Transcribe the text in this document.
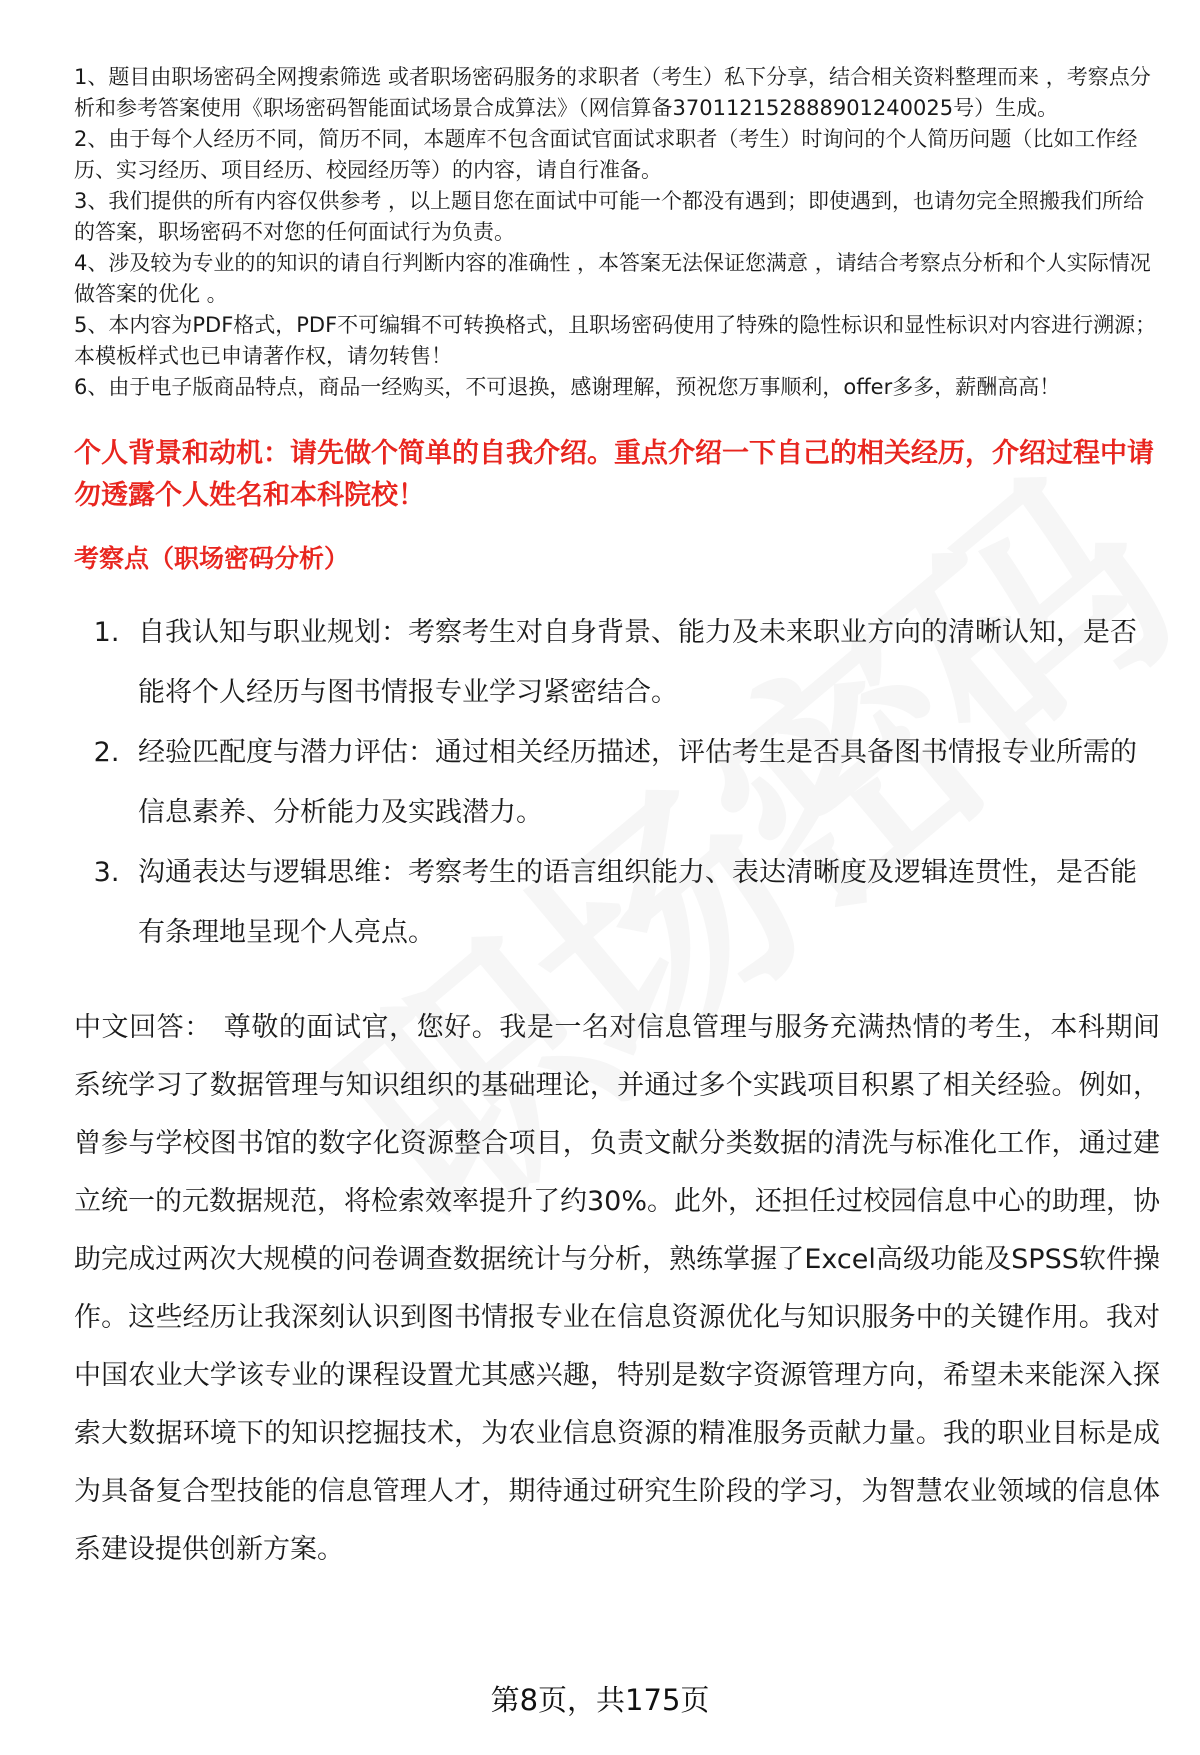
1、题目由职场密码全网搜索筛选 或者职场密码服务的求职者（考生）私下分享，结合相关资料整理而来 ，考察点分析和参考答案使用《职场密码智能面试场景合成算法》（网信算备370112152888901240025号）生成。

2、由于每个人经历不同，简历不同，本题库不包含面试官面试求职者（考生）时询问的个人简历问题（比如工作经历、实习经历、项目经历、校园经历等）的内容，请自行准备。

3、我们提供的所有内容仅供参考 ，以上题目您在面试中可能一个都没有遇到；即使遇到，也请勿完全照搬我们所给的答案，职场密码不对您的任何面试行为负责。

4、涉及较为专业的的知识的请自行判断内容的准确性 ，本答案无法保证您满意 ，请结合考察点分析和个人实际情况做答案的优化 。

5、本内容为PDF格式，PDF不可编辑不可转换格式，且职场密码使用了特殊的隐性标识和显性标识对内容进行溯源；本模板样式也已申请著作权，请勿转售！

6、由于电子版商品特点，商品一经购买，不可退换，感谢理解，预祝您万事顺利，offer多多，薪酬高高！

个人背景和动机：请先做个简单的自我介绍。重点介绍一下自己的相关经历，介绍过程中请勿透露个人姓名和本科院校！
考察点（职场密码分析）
1. 自我认知与职业规划：考察考生对自身背景、能力及未来职业方向的清晰认知，是否能将个人经历与图书情报专业学习紧密结合。
2. 经验匹配度与潜力评估：通过相关经历描述，评估考生是否具备图书情报专业所需的信息素养、分析能力及实践潜力。
3. 沟通表达与逻辑思维：考察考生的语言组织能力、表达清晰度及逻辑连贯性，是否能有条理地呈现个人亮点。
中文回答： 尊敬的面试官，您好。我是一名对信息管理与服务充满热情的考生，本科期间系统学习了数据管理与知识组织的基础理论，并通过多个实践项目积累了相关经验。例如，曾参与学校图书馆的数字化资源整合项目，负责文献分类数据的清洗与标准化工作，通过建立统一的元数据规范，将检索效率提升了约30%。此外，还担任过校园信息中心的助理，协助完成过两次大规模的问卷调查数据统计与分析，熟练掌握了Excel高级功能及SPSS软件操作。这些经历让我深刻认识到图书情报专业在信息资源优化与知识服务中的关键作用。我对中国农业大学该专业的课程设置尤其感兴趣，特别是数字资源管理方向，希望未来能深入探索大数据环境下的知识挖掘技术，为农业信息资源的精准服务贡献力量。我的职业目标是成为具备复合型技能的信息管理人才，期待通过研究生阶段的学习，为智慧农业领域的信息体系建设提供创新方案。
第8页，共175页
